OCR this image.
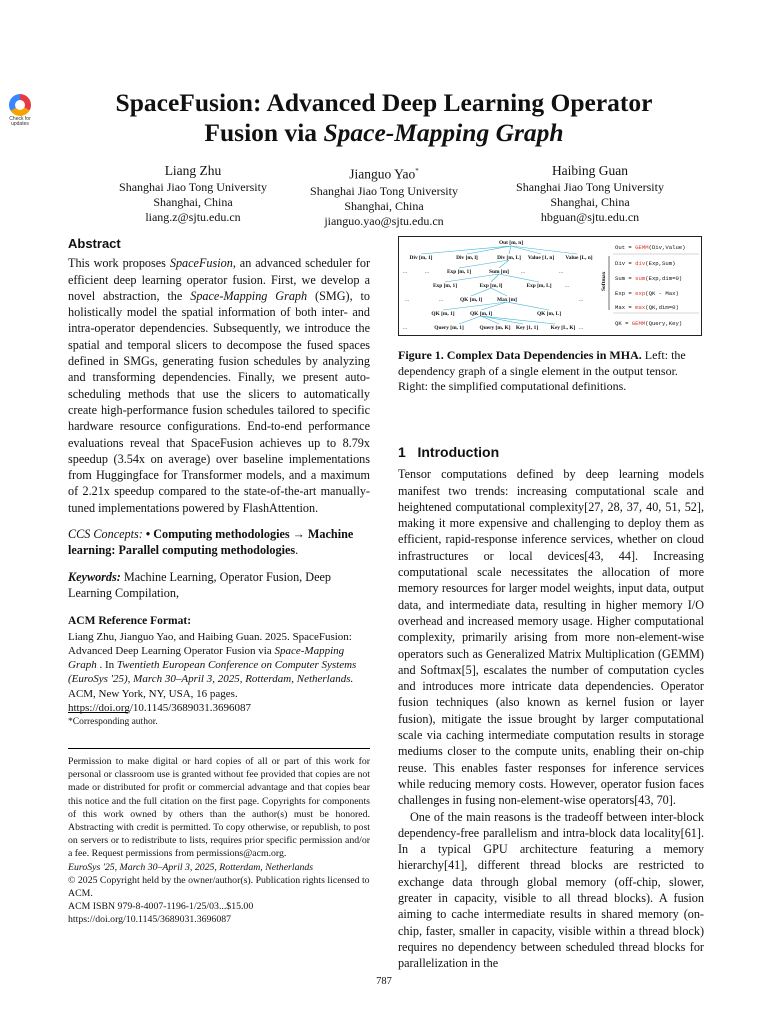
Check for updates
SpaceFusion: Advanced Deep Learning Operator
Fusion via Space-Mapping Graph
Liang Zhu
Shanghai Jiao Tong University
Shanghai, China
liang.z@sjtu.edu.cn
Jianguo Yao*
Shanghai Jiao Tong University
Shanghai, China
jianguo.yao@sjtu.edu.cn
Haibing Guan
Shanghai Jiao Tong University
Shanghai, China
hbguan@sjtu.edu.cn
Abstract

This work proposes SpaceFusion, an advanced scheduler for efficient deep learning operator fusion. First, we develop a novel abstraction, the Space-Mapping Graph (SMG), to holistically model the spatial information of both inter- and intra-operator dependencies. Subsequently, we introduce the spatial and temporal slicers to decompose the fused spaces defined in SMGs, generating fusion schedules by analyzing and transforming dependencies. Finally, we present auto-scheduling methods that use the slicers to automatically create high-performance fusion schedules tailored to specific hardware resource configurations. End-to-end performance evaluations reveal that SpaceFusion achieves up to 8.79x speedup (3.54x on average) over baseline implementations from Huggingface for Transformer models, and a maximum of 2.21x speedup compared to the state-of-the-art manually-tuned implementations powered by FlashAttention.

CCS Concepts: • Computing methodologies → Machine learning: Parallel computing methodologies.

Keywords: Machine Learning, Operator Fusion, Deep Learning Compilation,

ACM Reference Format:

Liang Zhu, Jianguo Yao, and Haibing Guan. 2025. SpaceFusion: Advanced Deep Learning Operator Fusion via Space-Mapping Graph . In Twentieth European Conference on Computer Systems (EuroSys '25), March 30–April 3, 2025, Rotterdam, Netherlands. ACM, New York, NY, USA, 16 pages. https://doi.org/10.1145/3689031.3696087

*Corresponding author.

Permission to make digital or hard copies of all or part of this work for personal or classroom use is granted without fee provided that copies are not made or distributed for profit or commercial advantage and that copies bear this notice and the full citation on the first page. Copyrights for components of this work owned by others than the author(s) must be honored. Abstracting with credit is permitted. To copy otherwise, or republish, to post on servers or to redistribute to lists, requires prior specific permission and/or a fee. Request permissions from permissions@acm.org.

EuroSys '25, March 30–April 3, 2025, Rotterdam, Netherlands

© 2025 Copyright held by the owner/author(s). Publication rights licensed to ACM.

ACM ISBN 979-8-4007-1196-1/25/03...$15.00

https://doi.org/10.1145/3689031.3696087

Out [m, n]
Div [m, 1]	Div [m, l]	Div [m, L] Value [1, n] Value [L, n]
Exp [m, 1]	Sum [m]
Exp [m, 1]	Exp [m, l]	Exp [m, L]
QK [m, l]	Max [m]
QK [m, 1]	QK [m, l]	QK [m, L]
Query [m, 1]	Query [m, K] Key [1, 1] Key [L, K]
...	...	...	...
...	...
...
...
...	...
Softmax
Out = GEMM(Div,Value)
Div = div(Exp,Sum)
Sum = sum(Exp,dim=0)
Exp = exp(QK - Max)
Max = max(QK,dim=0)
QK = GEMM(Query,Key)
Figure 1. Complex Data Dependencies in MHA. Left: the dependency graph of a single element in the output tensor. Right: the simplified computational definitions.
1 Introduction

Tensor computations defined by deep learning models manifest two trends: increasing computational scale and heightened computational complexity[27, 28, 37, 40, 51, 52], making it more expensive and challenging to deploy them as efficient, rapid-response inference services, whether on cloud infrastructures or local devices[43, 44]. Increasing computational scale necessitates the allocation of more memory resources for larger model weights, input data, output data, and intermediate data, resulting in higher memory I/O overhead and increased memory usage. Higher computational complexity, primarily arising from more non-element-wise operators such as Generalized Matrix Multiplication (GEMM) and Softmax[5], escalates the number of computation cycles and introduces more intricate data dependencies. Operator fusion techniques (also known as kernel fusion or layer fusion), mitigate the issue brought by larger computational scale via caching intermediate computation results in storage mediums closer to the compute units, enabling their on-chip reuse. This enables faster responses for inference services while reducing memory costs. However, operator fusion faces challenges in fusing non-element-wise operators[43, 70].

One of the main reasons is the tradeoff between inter-block dependency-free parallelism and intra-block data locality[61]. In a typical GPU architecture featuring a memory hierarchy[41], different thread blocks are restricted to exchange data through global memory (off-chip, slower, greater in capacity, visible to all thread blocks). A fusion aiming to cache intermediate results in shared memory (on-chip, faster, smaller in capacity, visible within a thread block) requires no dependency between scheduled thread blocks for parallelization in the

787
